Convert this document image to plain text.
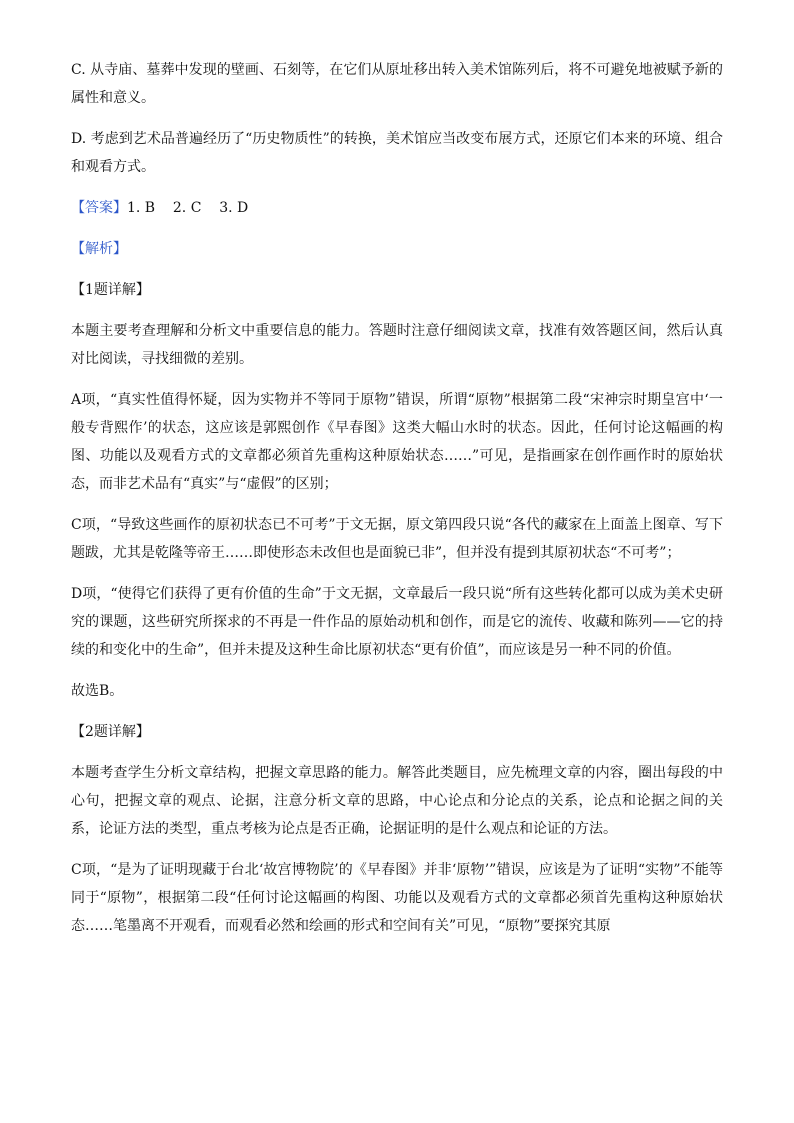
C. 从寺庙、墓葬中发现的壁画、石刻等，在它们从原址移出转入美术馆陈列后，将不可避免地被赋予新的属性和意义。

D. 考虑到艺术品普遍经历了“历史物质性”的转换，美术馆应当改变布展方式，还原它们本来的环境、组合和观看方式。

【答案】1. B    2. C    3. D

【解析】

【1题详解】

本题主要考查理解和分析文中重要信息的能力。答题时注意仔细阅读文章，找准有效答题区间，然后认真对比阅读，寻找细微的差别。

A项，“真实性值得怀疑，因为实物并不等同于原物”错误，所谓“原物”根据第二段“宋神宗时期皇宫中‘一般专背熙作’的状态，这应该是郭熙创作《早春图》这类大幅山水时的状态。因此，任何讨论这幅画的构图、功能以及观看方式的文章都必须首先重构这种原始状态……”可见，是指画家在创作画作时的原始状态，而非艺术品有“真实”与“虚假”的区别；

C项，“导致这些画作的原初状态已不可考”于文无据，原文第四段只说“各代的藏家在上面盖上图章、写下题跋，尤其是乾隆等帝王……即使形态未改但也是面貌已非”，但并没有提到其原初状态“不可考”；

D项，“使得它们获得了更有价值的生命”于文无据，文章最后一段只说“所有这些转化都可以成为美术史研究的课题，这些研究所探求的不再是一件作品的原始动机和创作，而是它的流传、收藏和陈列——它的持续的和变化中的生命”，但并未提及这种生命比原初状态“更有价值”，而应该是另一种不同的价值。

故选B。

【2题详解】

本题考查学生分析文章结构，把握文章思路的能力。解答此类题目，应先梳理文章的内容，圈出每段的中心句，把握文章的观点、论据，注意分析文章的思路，中心论点和分论点的关系，论点和论据之间的关系，论证方法的类型，重点考核为论点是否正确，论据证明的是什么观点和论证的方法。

C项，“是为了证明现藏于台北‘故宫博物院’的《早春图》并非‘原物’”错误，应该是为了证明“实物”不能等同于“原物”，根据第二段“任何讨论这幅画的构图、功能以及观看方式的文章都必须首先重构这种原始状态……笔墨离不开观看，而观看必然和绘画的形式和空间有关”可见，“原物”要探究其原
